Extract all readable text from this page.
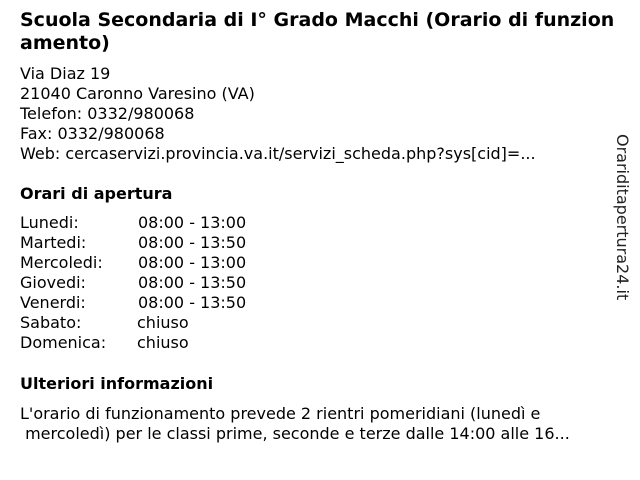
Scuola Secondaria di I° Grado Macchi (Orario di funzionamento)
Via Diaz 19
21040 Caronno Varesino (VA)
Telefon: 0332/980068
Fax: 0332/980068
Web: cercaservizi.provincia.va.it/servizi_scheda.php?sys[cid]=...
Orari di apertura
Lunedi:	08:00 - 13:00
Martedi:	08:00 - 13:50
Mercoledi: 08:00 - 13:00
Giovedi:	08:00 - 13:50
Venerdi:	08:00 - 13:50
Sabato:	chiuso
Domenica: chiuso
Ulteriori informazioni
L'orario di funzionamento prevede 2 rientri pomeridiani (lunedì e
mercoledì) per le classi prime, seconde e terze dalle 14:00 alle 16...
Orariditapertura24.it
